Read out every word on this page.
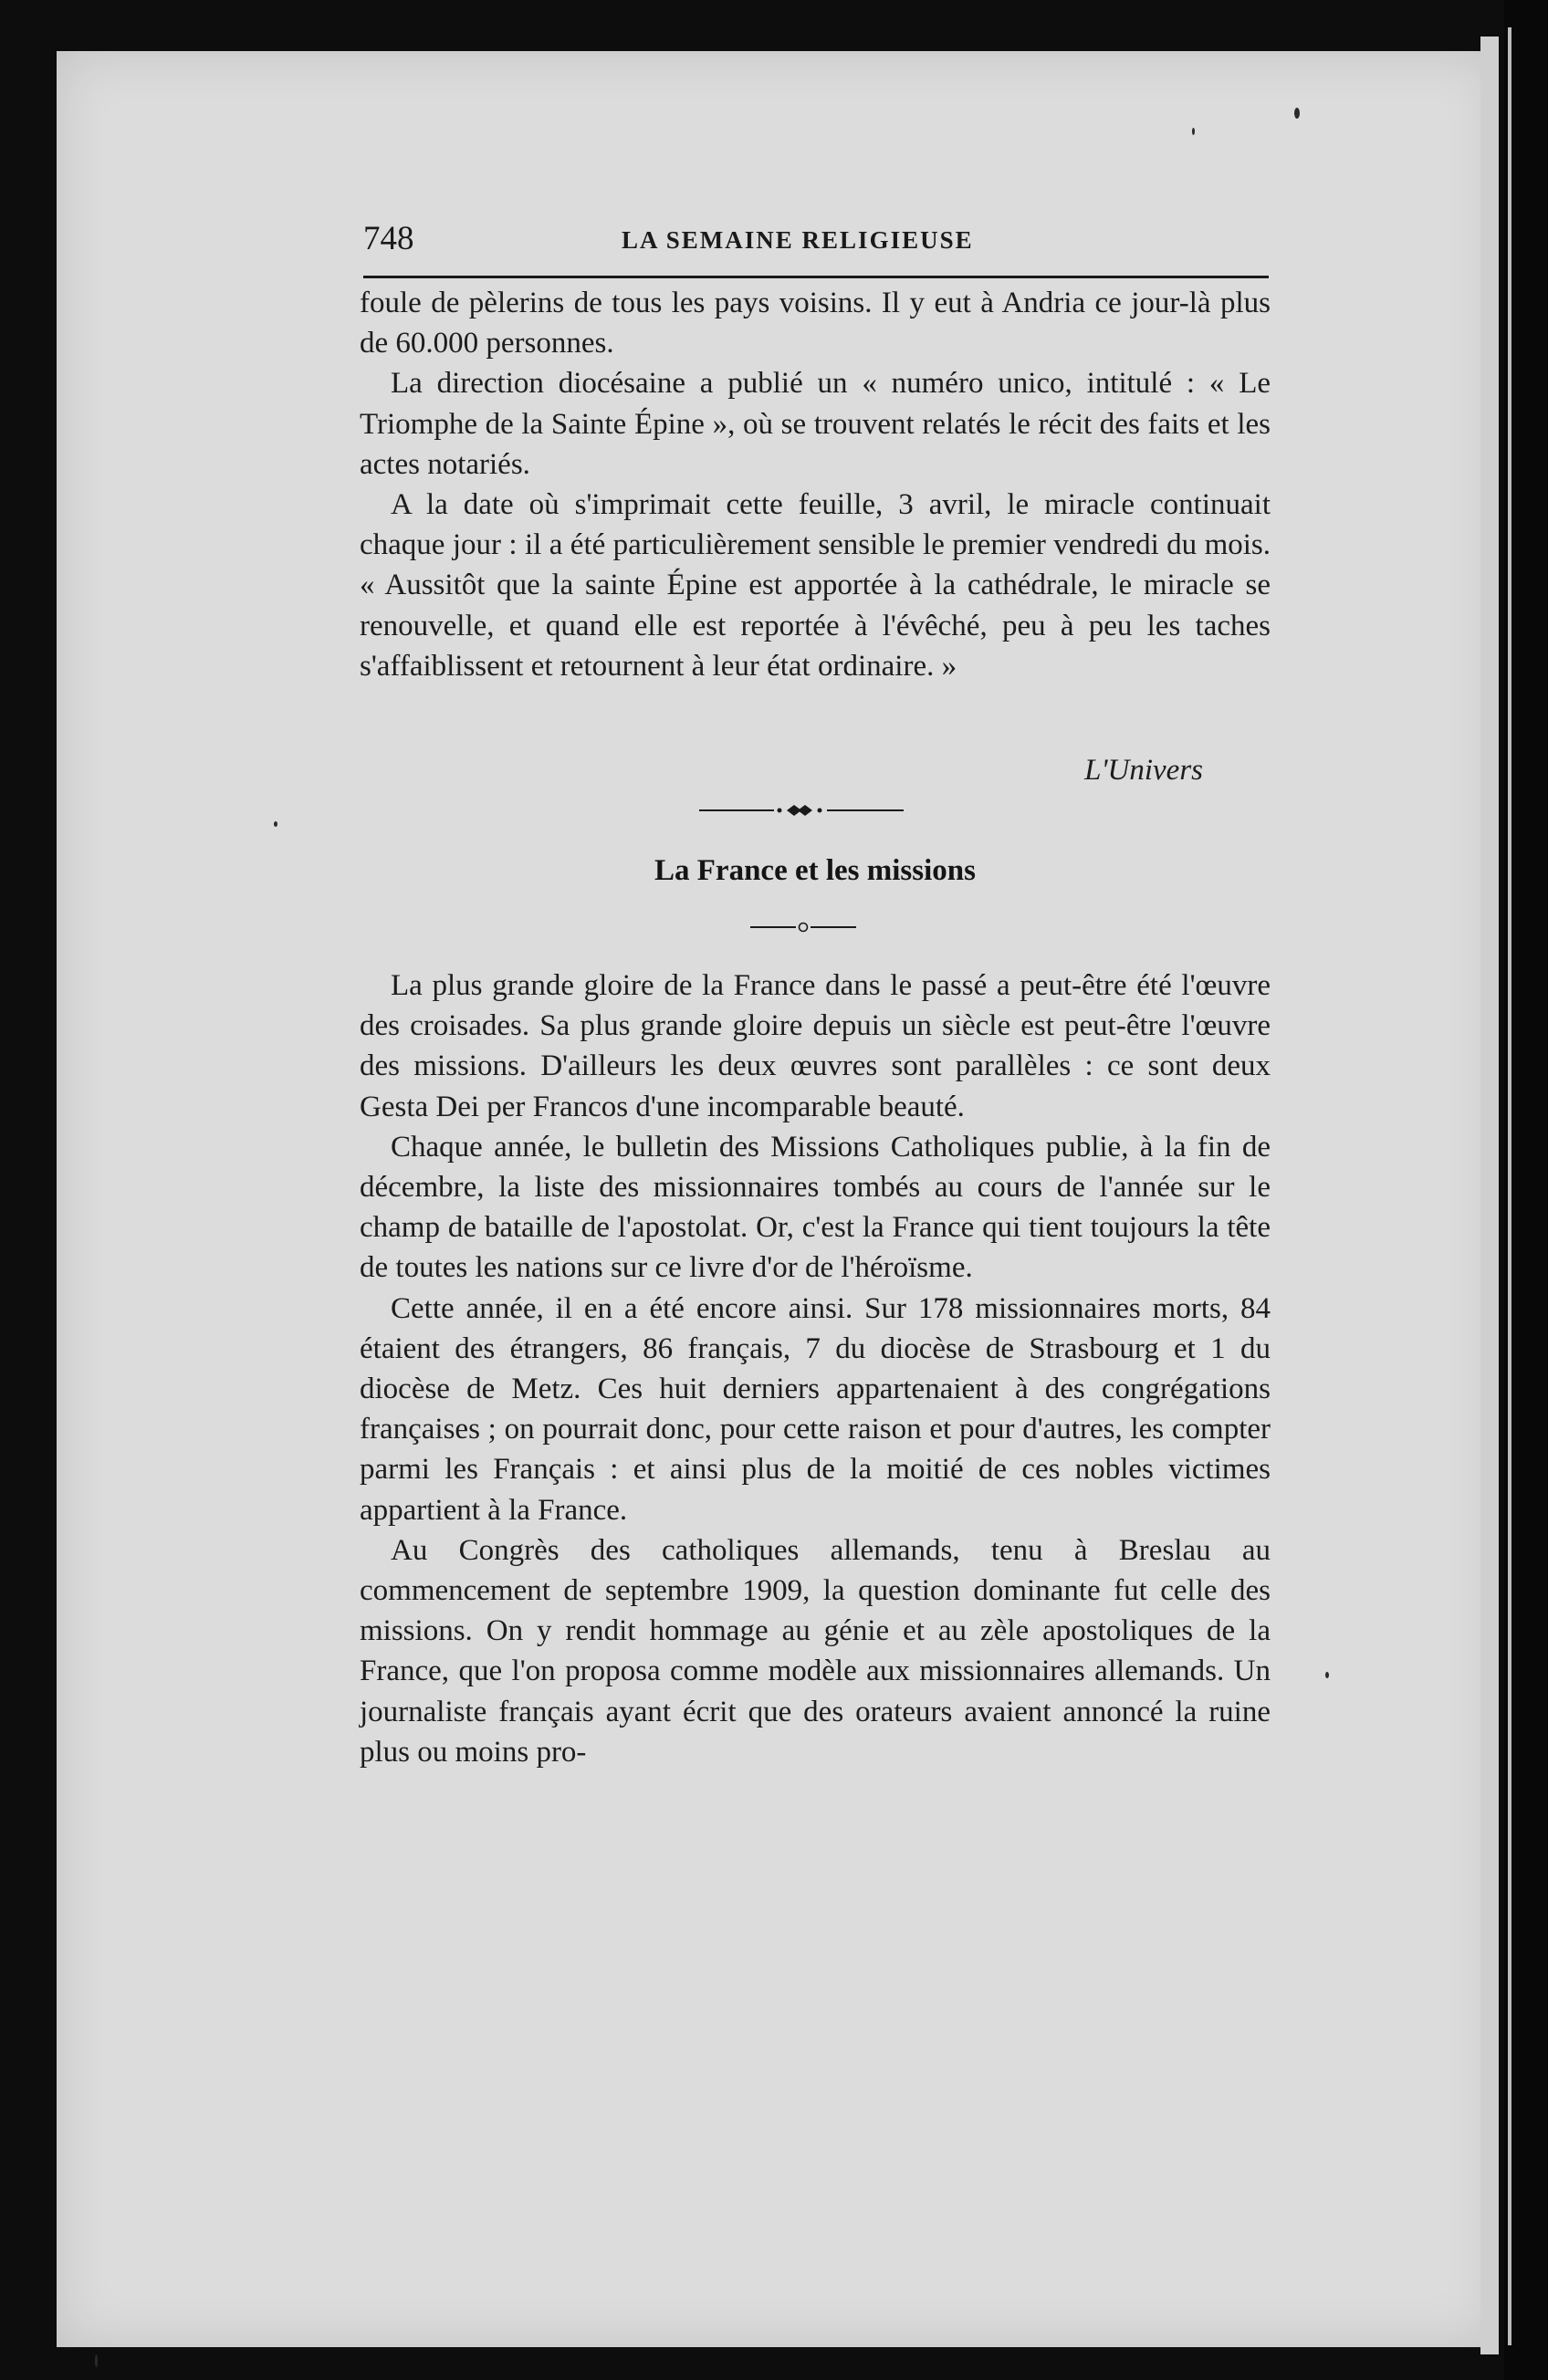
748	LA SEMAINE RELIGIEUSE

foule de pèlerins de tous les pays voisins. Il y eut à Andria ce jour-là plus de 60.000 personnes.

La direction diocésaine a publié un « numéro unico, intitulé : « Le Triomphe de la Sainte Épine », où se trouvent relatés le récit des faits et les actes notariés.

A la date où s'imprimait cette feuille, 3 avril, le miracle continuait chaque jour : il a été particulièrement sensible le premier vendredi du mois. « Aussitôt que la sainte Épine est apportée à la cathédrale, le miracle se renouvelle, et quand elle est reportée à l'évêché, peu à peu les taches s'affaiblissent et retournent à leur état ordinaire. »

L'Univers
La France et les missions

La plus grande gloire de la France dans le passé a peut-être été l'œuvre des croisades. Sa plus grande gloire depuis un siècle est peut-être l'œuvre des missions. D'ailleurs les deux œuvres sont parallèles : ce sont deux Gesta Dei per Francos d'une incomparable beauté.

Chaque année, le bulletin des Missions Catholiques publie, à la fin de décembre, la liste des missionnaires tombés au cours de l'année sur le champ de bataille de l'apostolat. Or, c'est la France qui tient toujours la tête de toutes les nations sur ce livre d'or de l'héroïsme.

Cette année, il en a été encore ainsi. Sur 178 missionnaires morts, 84 étaient des étrangers, 86 français, 7 du diocèse de Strasbourg et 1 du diocèse de Metz. Ces huit derniers appartenaient à des congrégations françaises ; on pourrait donc, pour cette raison et pour d'autres, les compter parmi les Français : et ainsi plus de la moitié de ces nobles victimes appartient à la France.

Au Congrès des catholiques allemands, tenu à Breslau au commencement de septembre 1909, la question dominante fut celle des missions. On y rendit hommage au génie et au zèle apostoliques de la France, que l'on proposa comme modèle aux missionnaires allemands. Un journaliste français ayant écrit que des orateurs avaient annoncé la ruine plus ou moins pro-
